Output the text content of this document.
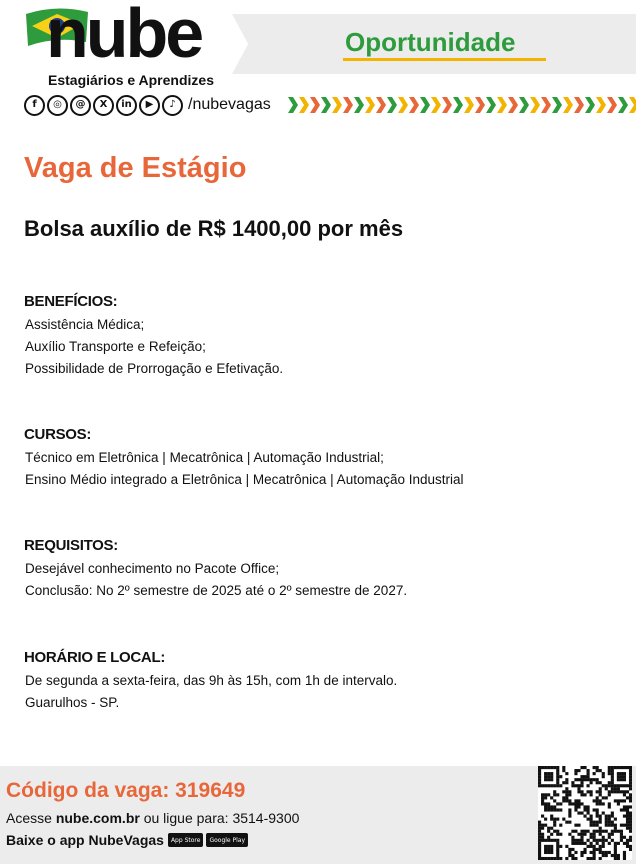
nube
Estagiários e Aprendizes
Oportunidade
f	◎	@	X	in	▶	♪ /nubevagas
Vaga de Estágio
Bolsa auxílio de R$ 1400,00 por mês
BENEFÍCIOS:
Assistência Médica;
Auxílio Transporte e Refeição;
Possibilidade de Prorrogação e Efetivação.
CURSOS:
Técnico em Eletrônica | Mecatrônica | Automação Industrial;
Ensino Médio integrado a Eletrônica | Mecatrônica | Automação Industrial
REQUISITOS:
Desejável conhecimento no Pacote Office;
Conclusão: No 2º semestre de 2025 até o 2º semestre de 2027.
HORÁRIO E LOCAL:
De segunda a sexta-feira, das 9h às 15h, com 1h de intervalo.
Guarulhos - SP.
Código da vaga: 319649
Acesse nube.com.br ou ligue para: 3514-9300
Baixe o app NubeVagas	App Store	Google Play
